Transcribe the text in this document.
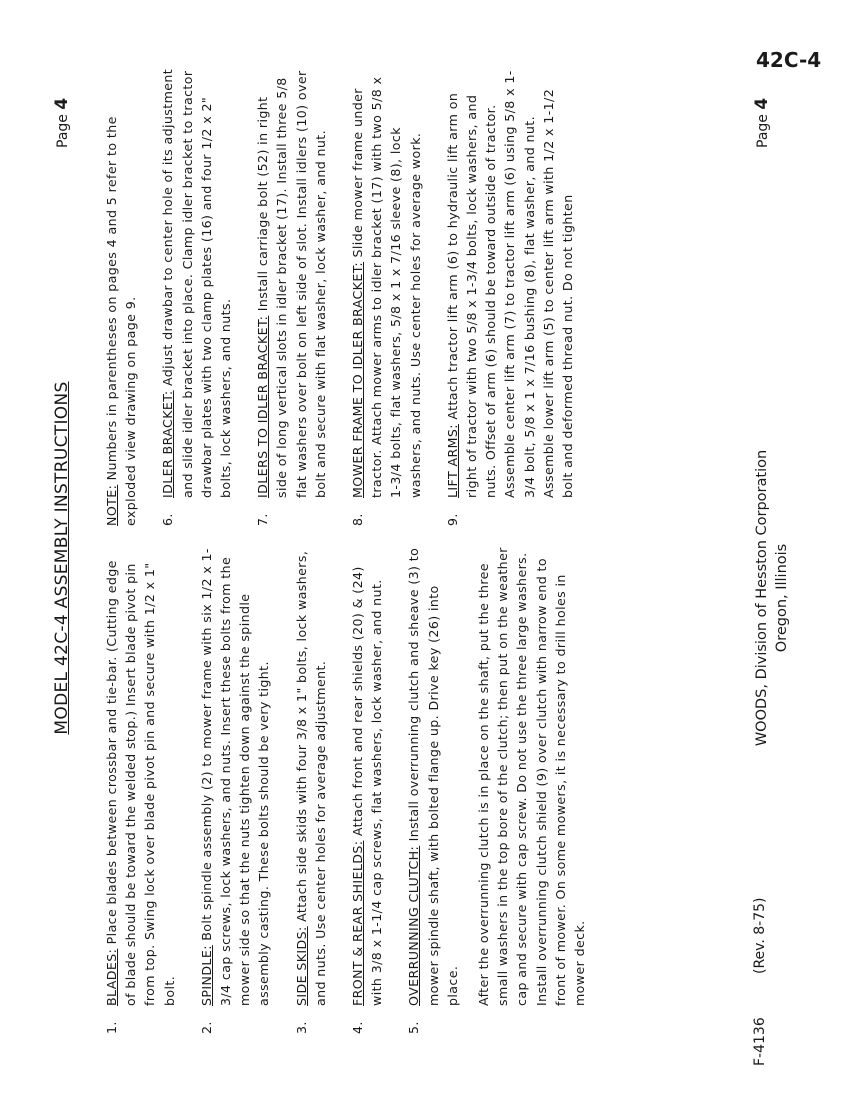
42C-4
MODEL 42C-4 ASSEMBLY INSTRUCTIONS
Page 4
1.
BLADES: Place blades between crossbar and tie-bar. (Cutting edge of blade should be toward the welded stop.) Insert blade pivot pin from top. Swing lock over blade pivot pin and secure with 1/2 x 1" bolt.
2.
SPINDLE: Bolt spindle assembly (2) to mower frame with six 1/2 x 1-3/4 cap screws, lock washers, and nuts. Insert these bolts from the mower side so that the nuts tighten down against the spindle assembly casting. These bolts should be very tight.
3.
SIDE SKIDS: Attach side skids with four 3/8 x 1" bolts, lock washers, and nuts. Use center holes for average adjustment.
4.
FRONT & REAR SHIELDS: Attach front and rear shields (20) & (24) with 3/8 x 1-1/4 cap screws, flat washers, lock washer, and nut.
5.
OVERRUNNING CLUTCH: Install overrunning clutch and sheave (3) to mower spindle shaft, with bolted flange up. Drive key (26) into place. After the overrunning clutch is in place on the shaft, put the three small washers in the top bore of the clutch; then put on the weather cap and secure with cap screw. Do not use the three large washers. Install overrunning clutch shield (9) over clutch with narrow end to front of mower. On some mowers, it is necessary to drill holes in mower deck.
NOTE: Numbers in parentheses on pages 4 and 5 refer to the exploded view drawing on page 9. 6.
IDLER BRACKET: Adjust drawbar to center hole of its adjustment and slide idler bracket into place. Clamp idler bracket to tractor drawbar plates with two clamp plates (16) and four 1/2 x 2" bolts, lock washers, and nuts.
7.
IDLERS TO IDLER BRACKET: Install carriage bolt (52) in right side of long vertical slots in idler bracket (17). Install three 5/8 flat washers over bolt on left side of slot. Install idlers (10) over bolt and secure with flat washer, lock washer, and nut.
8.
MOWER FRAME TO IDLER BRACKET: Slide mower frame under tractor. Attach mower arms to idler bracket (17) with two 5/8 x 1-3/4 bolts, flat washers, 5/8 x 1 x 7/16 sleeve (8), lock washers, and nuts. Use center holes for average work.
9.
LIFT ARMS: Attach tractor lift arm (6) to hydraulic lift arm on right of tractor with two 5/8 x 1-3/4 bolts, lock washers, and nuts. Offset of arm (6) should be toward outside of tractor. Assemble center lift arm (7) to tractor lift arm (6) using 5/8 x 1-3/4 bolt, 5/8 x 1 x 7/16 bushing (8), flat washer, and nut. Assemble lower lift arm (5) to center lift arm with 1/2 x 1-1/2 bolt and deformed thread nut. Do not tighten
F-4136
(Rev. 8-75)
WOODS, Division of Hesston Corporation Oregon, Illinois
Page 4
